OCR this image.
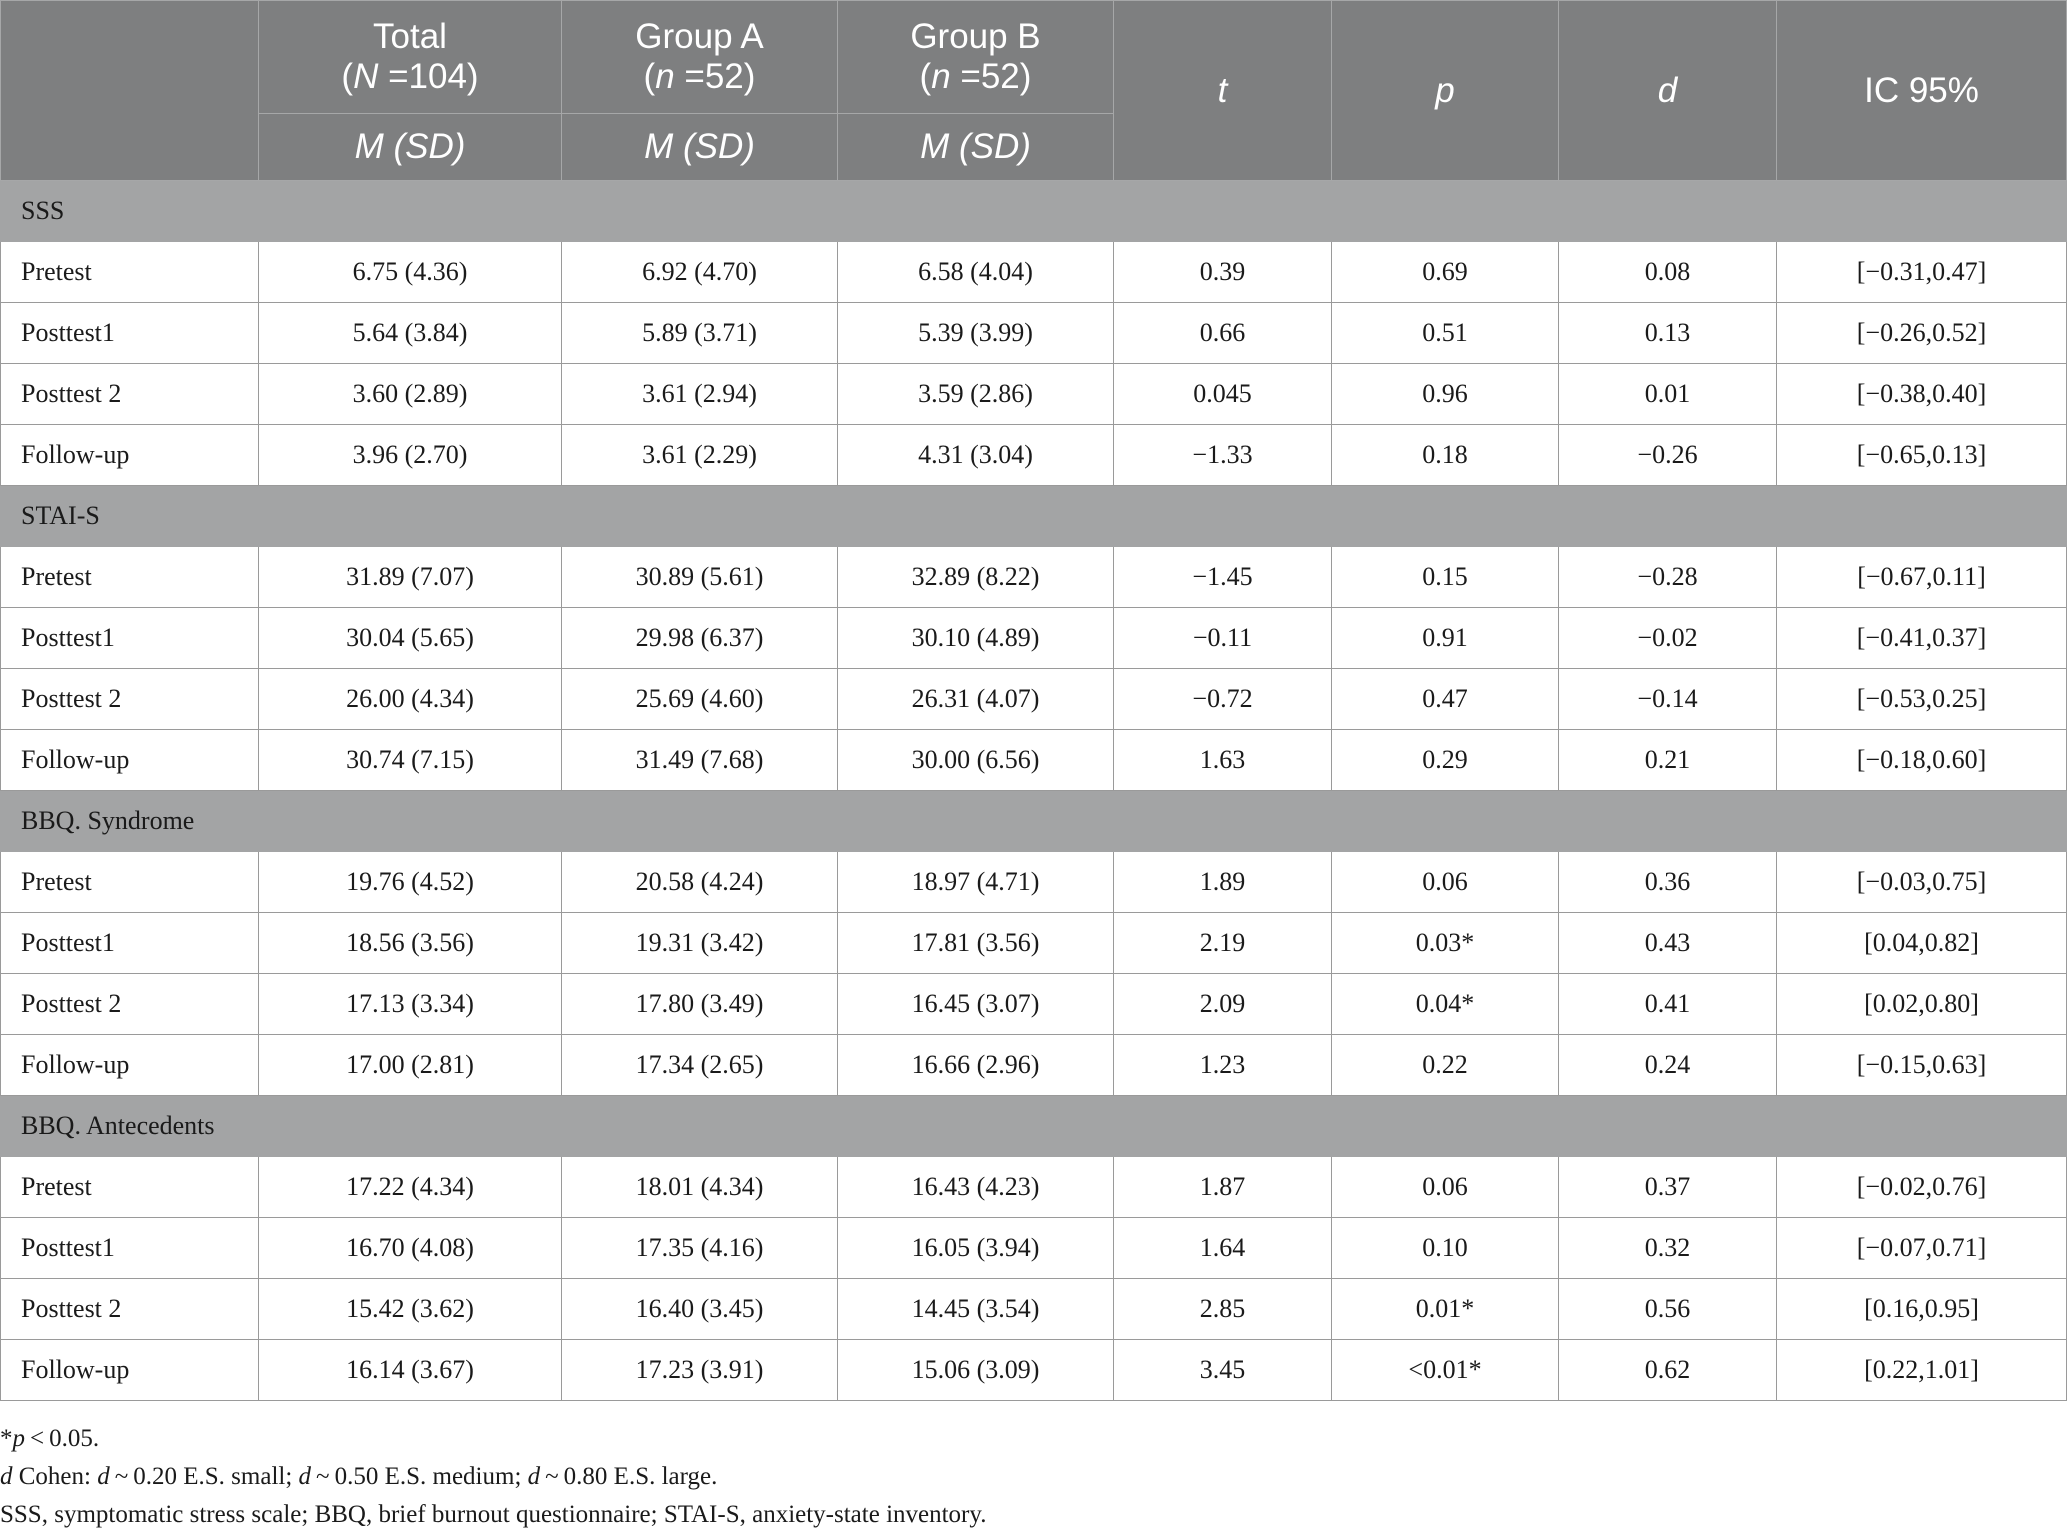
	Total
(N =104)	Group A
(n =52)	Group B
(n =52)	t	p	d	IC 95%
	M (SD)	M (SD)	M (SD)				
SSS							
Pretest	6.75 (4.36)	6.92 (4.70)	6.58 (4.04)	0.39	0.69	0.08	[−0.31,0.47]
Posttest1	5.64 (3.84)	5.89 (3.71)	5.39 (3.99)	0.66	0.51	0.13	[−0.26,0.52]
Posttest 2	3.60 (2.89)	3.61 (2.94)	3.59 (2.86)	0.045	0.96	0.01	[−0.38,0.40]
Follow-up	3.96 (2.70)	3.61 (2.29)	4.31 (3.04)	−1.33	0.18	−0.26	[−0.65,0.13]
STAI-S							
Pretest	31.89 (7.07)	30.89 (5.61)	32.89 (8.22)	−1.45	0.15	−0.28	[−0.67,0.11]
Posttest1	30.04 (5.65)	29.98 (6.37)	30.10 (4.89)	−0.11	0.91	−0.02	[−0.41,0.37]
Posttest 2	26.00 (4.34)	25.69 (4.60)	26.31 (4.07)	−0.72	0.47	−0.14	[−0.53,0.25]
Follow-up	30.74 (7.15)	31.49 (7.68)	30.00 (6.56)	1.63	0.29	0.21	[−0.18,0.60]
BBQ. Syndrome							
Pretest	19.76 (4.52)	20.58 (4.24)	18.97 (4.71)	1.89	0.06	0.36	[−0.03,0.75]
Posttest1	18.56 (3.56)	19.31 (3.42)	17.81 (3.56)	2.19	0.03*	0.43	[0.04,0.82]
Posttest 2	17.13 (3.34)	17.80 (3.49)	16.45 (3.07)	2.09	0.04*	0.41	[0.02,0.80]
Follow-up	17.00 (2.81)	17.34 (2.65)	16.66 (2.96)	1.23	0.22	0.24	[−0.15,0.63]
BBQ. Antecedents							
Pretest	17.22 (4.34)	18.01 (4.34)	16.43 (4.23)	1.87	0.06	0.37	[−0.02,0.76]
Posttest1	16.70 (4.08)	17.35 (4.16)	16.05 (3.94)	1.64	0.10	0.32	[−0.07,0.71]
Posttest 2	15.42 (3.62)	16.40 (3.45)	14.45 (3.54)	2.85	0.01*	0.56	[0.16,0.95]
Follow-up	16.14 (3.67)	17.23 (3.91)	15.06 (3.09)	3.45	<0.01*	0.62	[0.22,1.01]
*p < 0.05.
d Cohen: d ~ 0.20 E.S. small; d ~ 0.50 E.S. medium; d ~ 0.80 E.S. large.
SSS, symptomatic stress scale; BBQ, brief burnout questionnaire; STAI-S, anxiety-state inventory.
